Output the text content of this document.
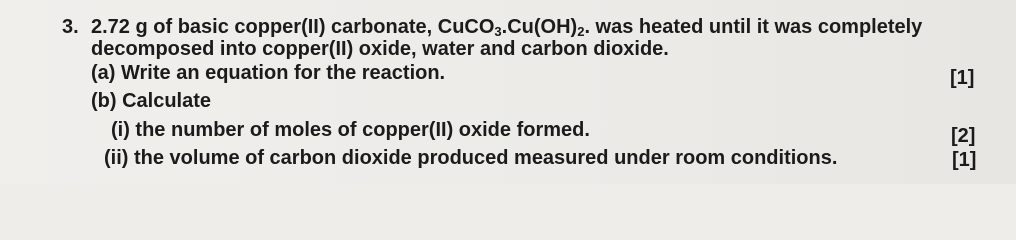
3. 2.72 g of basic copper(II) carbonate, $CuCO_3.Cu(OH)_2$. was heated until it was completely
decomposed into copper(II) oxide, water and carbon dioxide.
(a) Write an equation for the reaction.	[1]
(b) Calculate
(i) the number of moles of copper(II) oxide formed.	[2]
(ii) the volume of carbon dioxide produced measured under room conditions.	[1]
